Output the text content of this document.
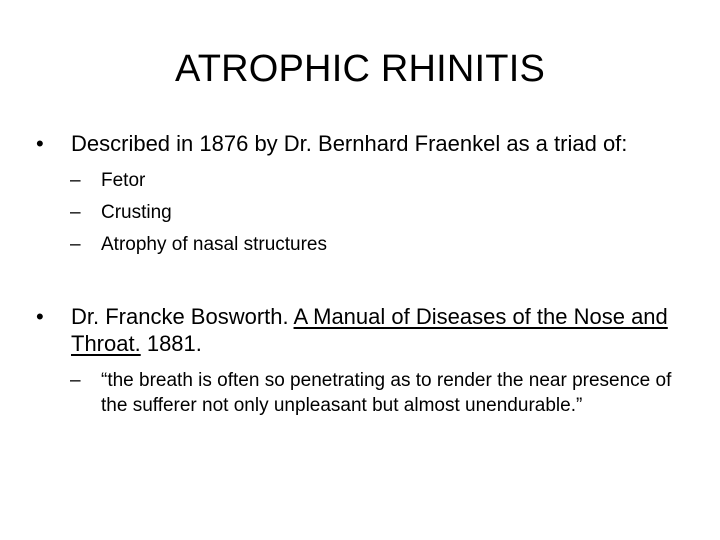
ATROPHIC RHINITIS
•	Described in 1876 by Dr. Bernhard Fraenkel as a triad of:
–	Fetor
–	Crusting
–	Atrophy of nasal structures
•	Dr. Francke Bosworth. A Manual of Diseases of the Nose and Throat. 1881.
–	“the breath is often so penetrating as to render the near presence of the sufferer not only unpleasant but almost unendurable.”
